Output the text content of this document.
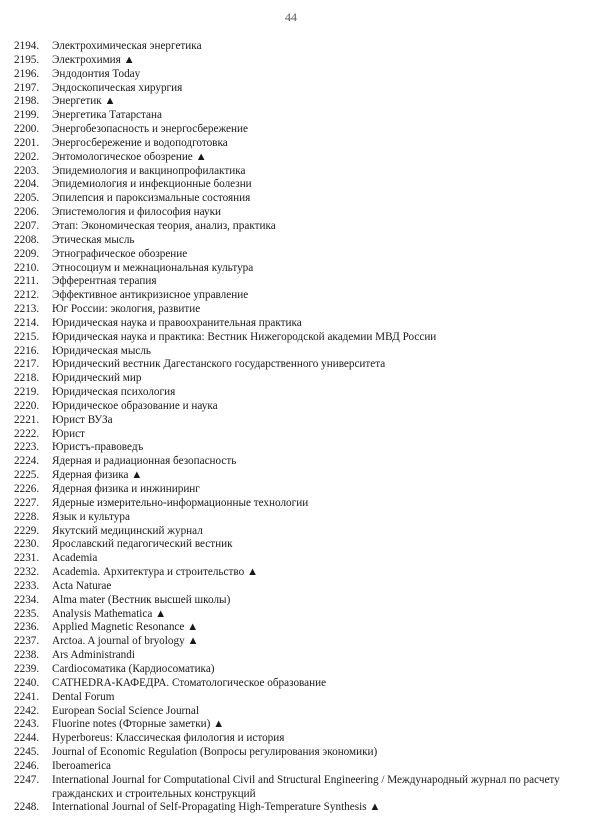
44
2194.	Электрохимическая энергетика
2195.	Электрохимия ▲
2196.	Эндодонтия Today
2197.	Эндоскопическая хирургия
2198.	Энергетик ▲
2199.	Энергетика Татарстана
2200.	Энергобезопасность и энергосбережение
2201.	Энергосбережение и водоподготовка
2202.	Энтомологическое обозрение ▲
2203.	Эпидемиология и вакцинопрофилактика
2204.	Эпидемиология и инфекционные болезни
2205.	Эпилепсия и пароксизмальные состояния
2206.	Эпистемология и философия науки
2207.	Этап: Экономическая теория, анализ, практика
2208.	Этическая мысль
2209.	Этнографическое обозрение
2210.	Этносоциум и межнациональная культура
2211.	Эфферентная терапия
2212.	Эффективное антикризисное управление
2213.	Юг России: экология, развитие
2214.	Юридическая наука и правоохранительная практика
2215.	Юридическая наука и практика: Вестник Нижегородской академии МВД России
2216.	Юридическая мысль
2217.	Юридический вестник Дагестанского государственного университета
2218.	Юридический мир
2219.	Юридическая психология
2220.	Юридическое образование и наука
2221.	Юрист ВУЗа
2222.	Юрист
2223.	Юристъ-правоведъ
2224.	Ядерная и радиационная безопасность
2225.	Ядерная физика ▲
2226.	Ядерная физика и инжиниринг
2227.	Ядерные измерительно-информационные технологии
2228.	Язык и культура
2229.	Якутский медицинский журнал
2230.	Ярославский педагогический вестник
2231.	Academia
2232.	Academia. Архитектура и строительство ▲
2233.	Acta Naturae
2234.	Alma mater (Вестник высшей школы)
2235.	Analysis Mathematica ▲
2236.	Applied Magnetic Resonance ▲
2237.	Arctoa. A journal of bryology ▲
2238.	Ars Administrandi
2239.	Cardiосоматика (Кардиосоматика)
2240.	CATHEDRA-КАФЕДРА. Стоматологическое образование
2241.	Dental Forum
2242.	European Social Science Journal
2243.	Fluorine notes (Фторные заметки) ▲
2244.	Hyperboreus: Классическая филология и история
2245.	Journal of Economic Regulation (Вопросы регулирования экономики)
2246.	Iberoamerica
2247.	International Journal for Computational Civil and Structural Engineering / Международный журнал по расчету гражданских и строительных конструкций
2248.	International Journal of Self-Propagating High-Temperature Synthesis ▲
